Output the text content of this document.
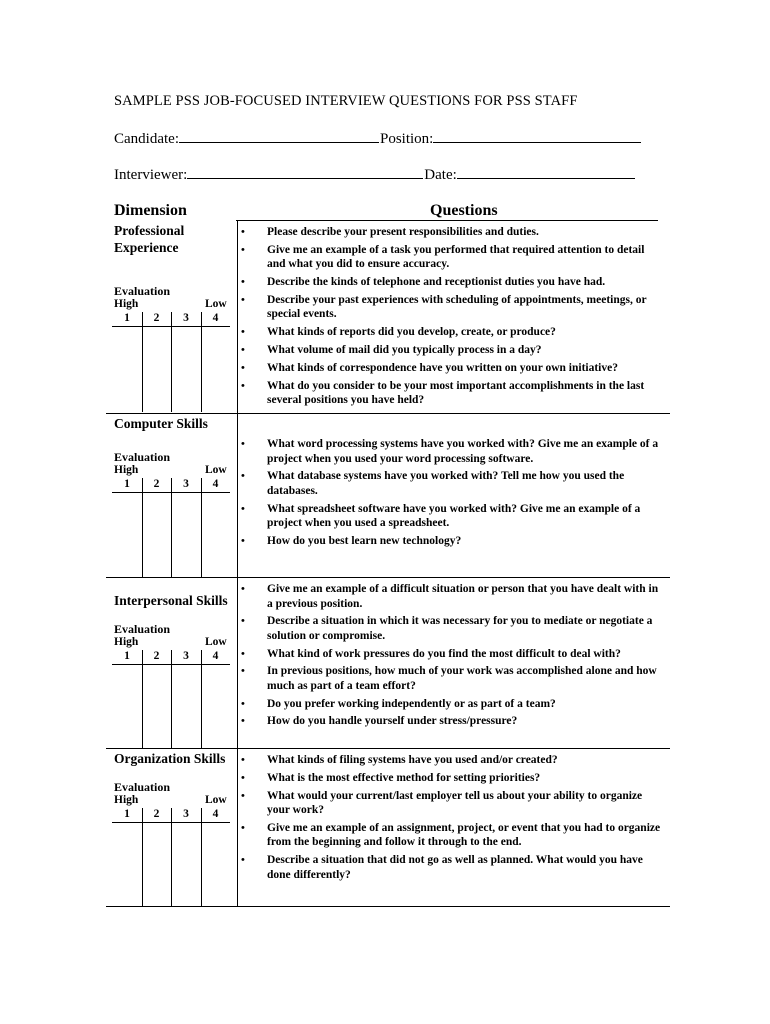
SAMPLE PSS JOB-FOCUSED INTERVIEW QUESTIONS FOR PSS STAFF
Candidate:	Position:
Interviewer:	Date:
Dimension	Questions
Professional Experience
Evaluation
High	Low
1	2	3	4
• Please describe your present responsibilities and duties.
• Give me an example of a task you performed that required attention to detail and what you did to ensure accuracy.
• Describe the kinds of telephone and receptionist duties you have had.
• Describe your past experiences with scheduling of appointments, meetings, or special events.
• What kinds of reports did you develop, create, or produce?
• What volume of mail did you typically process in a day?
• What kinds of correspondence have you written on your own initiative?
• What do you consider to be your most important accomplishments in the last several positions you have held?
Computer Skills
Evaluation
High	Low
1	2	3	4
• What word processing systems have you worked with? Give me an example of a project when you used your word processing software.
• What database systems have you worked with? Tell me how you used the databases.
• What spreadsheet software have you worked with? Give me an example of a project when you used a spreadsheet.
• How do you best learn new technology?
Interpersonal Skills
Evaluation
High	Low
1	2	3	4
• Give me an example of a difficult situation or person that you have dealt with in a previous position.
• Describe a situation in which it was necessary for you to mediate or negotiate a solution or compromise.
• What kind of work pressures do you find the most difficult to deal with?
• In previous positions, how much of your work was accomplished alone and how much as part of a team effort?
• Do you prefer working independently or as part of a team?
• How do you handle yourself under stress/pressure?
Organization Skills
Evaluation
High	Low
1	2	3	4
• What kinds of filing systems have you used and/or created?
• What is the most effective method for setting priorities?
• What would your current/last employer tell us about your ability to organize your work?
• Give me an example of an assignment, project, or event that you had to organize from the beginning and follow it through to the end.
• Describe a situation that did not go as well as planned. What would you have done differently?
